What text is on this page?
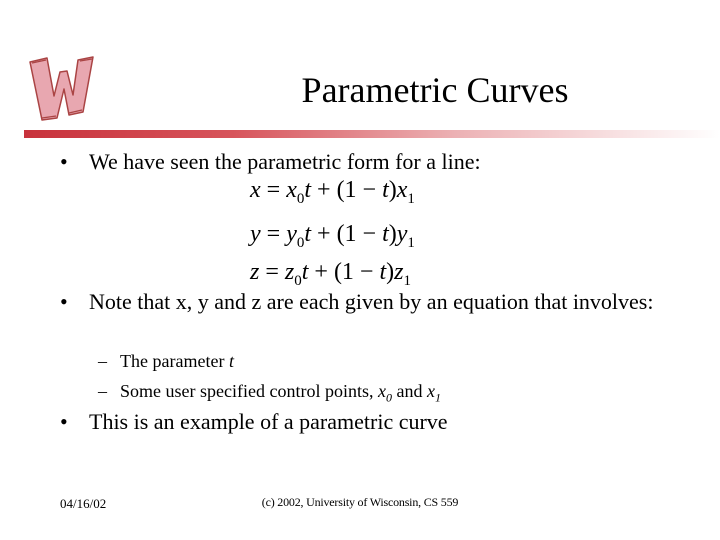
Parametric Curves
• We have seen the parametric form for a line:
$x = x_0t + (1 - t)x_1$
$y = y_0t + (1 - t)y_1$
$z = z_0t + (1 - t)z_1$
• Note that x, y and z are each given by an equation that involves:
– The parameter t
– Some user specified control points, $x_0$ and $x_1$
• This is an example of a parametric curve
04/16/02	(c) 2002, University of Wisconsin, CS 559
